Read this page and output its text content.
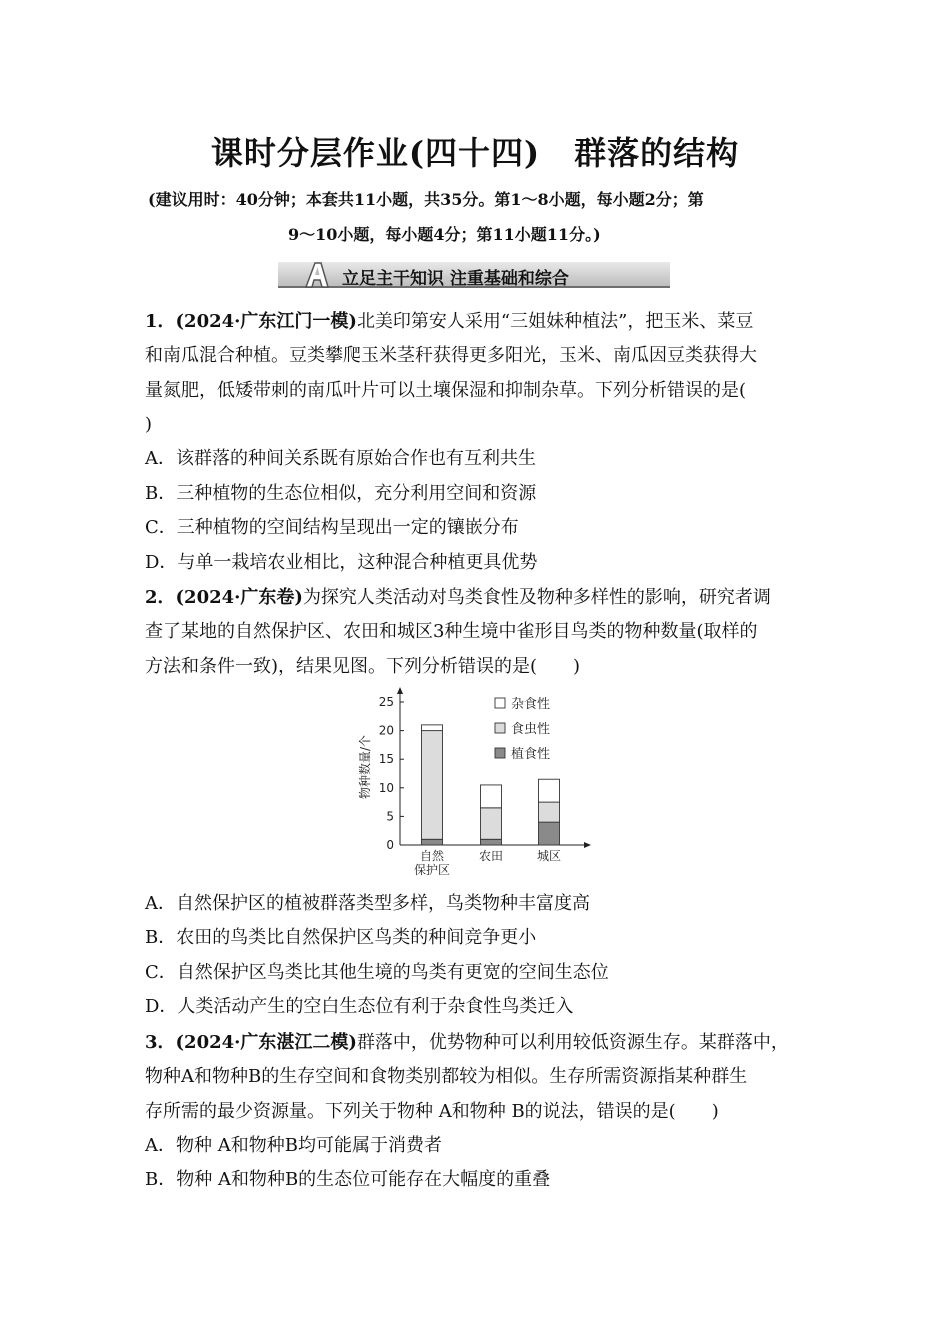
课时分层作业(四十四) 群落的结构
(建议用时：40分钟；本套共11小题，共35分。第1～8小题，每小题2分；第
9～10小题，每小题4分；第11小题11分。)
立足主干知识 注重基础和综合
1．(2024·广东江门一模)北美印第安人采用“三姐妹种植法”，把玉米、菜豆
和南瓜混合种植。豆类攀爬玉米茎秆获得更多阳光，玉米、南瓜因豆类获得大
量氮肥，低矮带刺的南瓜叶片可以土壤保湿和抑制杂草。下列分析错误的是(
)
A．该群落的种间关系既有原始合作也有互利共生
B．三种植物的生态位相似，充分利用空间和资源
C．三种植物的空间结构呈现出一定的镶嵌分布
D．与单一栽培农业相比，这种混合种植更具优势
2．(2024·广东卷)为探究人类活动对鸟类食性及物种多样性的影响，研究者调
查了某地的自然保护区、农田和城区3种生境中雀形目鸟类的物种数量(取样的
方法和条件一致)，结果见图。下列分析错误的是(　　)
0
5
10
15
20
25
物种数量/个
自然
保护区
农田	城区
杂食性
食虫性
植食性
A．自然保护区的植被群落类型多样，鸟类物种丰富度高
B．农田的鸟类比自然保护区鸟类的种间竞争更小
C．自然保护区鸟类比其他生境的鸟类有更宽的空间生态位
D．人类活动产生的空白生态位有利于杂食性鸟类迁入
3．(2024·广东湛江二模)群落中，优势物种可以利用较低资源生存。某群落中，
物种A和物种B的生存空间和食物类别都较为相似。生存所需资源指某种群生
存所需的最少资源量。下列关于物种 A和物种 B的说法，错误的是(　　)
A．物种 A和物种B均可能属于消费者
B．物种 A和物种B的生态位可能存在大幅度的重叠
